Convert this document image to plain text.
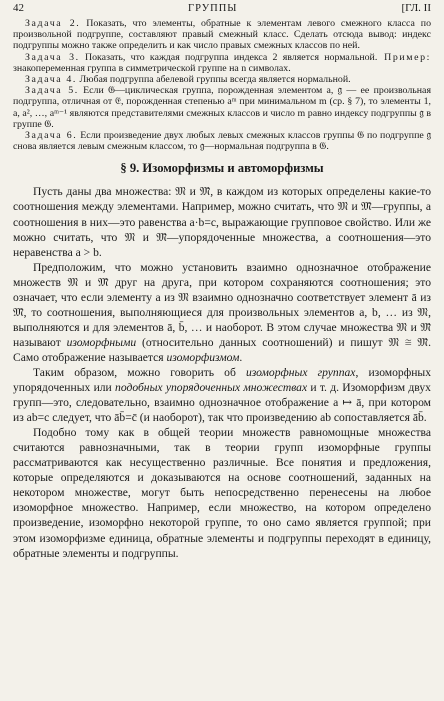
42	ГРУППЫ	[ГЛ. II

Задача 2. Показать, что элементы, обратные к элементам левого смежного класса по произвольной подгруппе, составляют правый смежный класс. Сделать отсюда вывод: индекс подгруппы можно также определить и как число правых смежных классов по ней.

Задача 3. Показать, что каждая подгруппа индекса 2 является нормальной. Пример: знакопеременная группа в симметрической группе на n символах.

Задача 4. Любая подгруппа абелевой группы всегда является нормальной.

Задача 5. Если 𝔊—циклическая группа, порожденная элементом a, 𝔤 — ее произвольная подгруппа, отличная от 𝔈, порожденная степенью aᵐ при минимальном m (ср. § 7), то элементы 1, a, a², …, aᵐ⁻¹ являются представителями смежных классов и число m равно индексу подгруппы 𝔤 в группе 𝔊.

Задача 6. Если произведение двух любых левых смежных классов группы 𝔊 по подгруппе 𝔤 снова является левым смежным классом, то 𝔤—нормальная подгруппа в 𝔊.

§ 9. Изоморфизмы и автоморфизмы

Пусть даны два множества: 𝔐 и 𝔐̄, в каждом из которых определены какие-то соотношения между элементами. Например, можно считать, что 𝔐 и 𝔐̄—группы, а соотношения в них—это равенства a·b=c, выражающие групповое свойство. Или же можно считать, что 𝔐 и 𝔐̄—упорядоченные множества, а соотношения—это неравенства a > b.

Предположим, что можно установить взаимно однозначное отображение множеств 𝔐 и 𝔐̄ друг на друга, при котором сохраняются соотношения; это означает, что если элементу a из 𝔐 взаимно однозначно соответствует элемент ā из 𝔐̄, то соотношения, выполняющиеся для произвольных элементов a, b, … из 𝔐, выполняются и для элементов ā, b̄, … и наоборот. В этом случае множества 𝔐 и 𝔐̄ называют изоморфными (относительно данных соотношений) и пишут 𝔐 ≅ 𝔐̄. Само отображение называется изоморфизмом.

Таким образом, можно говорить об изоморфных группах, изоморфных упорядоченных или подобных упорядоченных множествах и т. д. Изоморфизм двух групп—это, следовательно, взаимно однозначное отображение a ↦ ā, при котором из ab=c следует, что āb̄=c̄ (и наоборот), так что произведению ab сопоставляется āb̄.

Подобно тому как в общей теории множеств равномощные множества считаются равнозначными, так в теории групп изоморфные группы рассматриваются как несущественно различные. Все понятия и предложения, которые определяются и доказываются на основе соотношений, заданных на некотором множестве, могут быть непосредственно перенесены на любое изоморфное множество. Например, если множество, на котором определено произведение, изоморфно некоторой группе, то оно само является группой; при этом изоморфизме единица, обратные элементы и подгруппы переходят в единицу, обратные элементы и подгруппы.
